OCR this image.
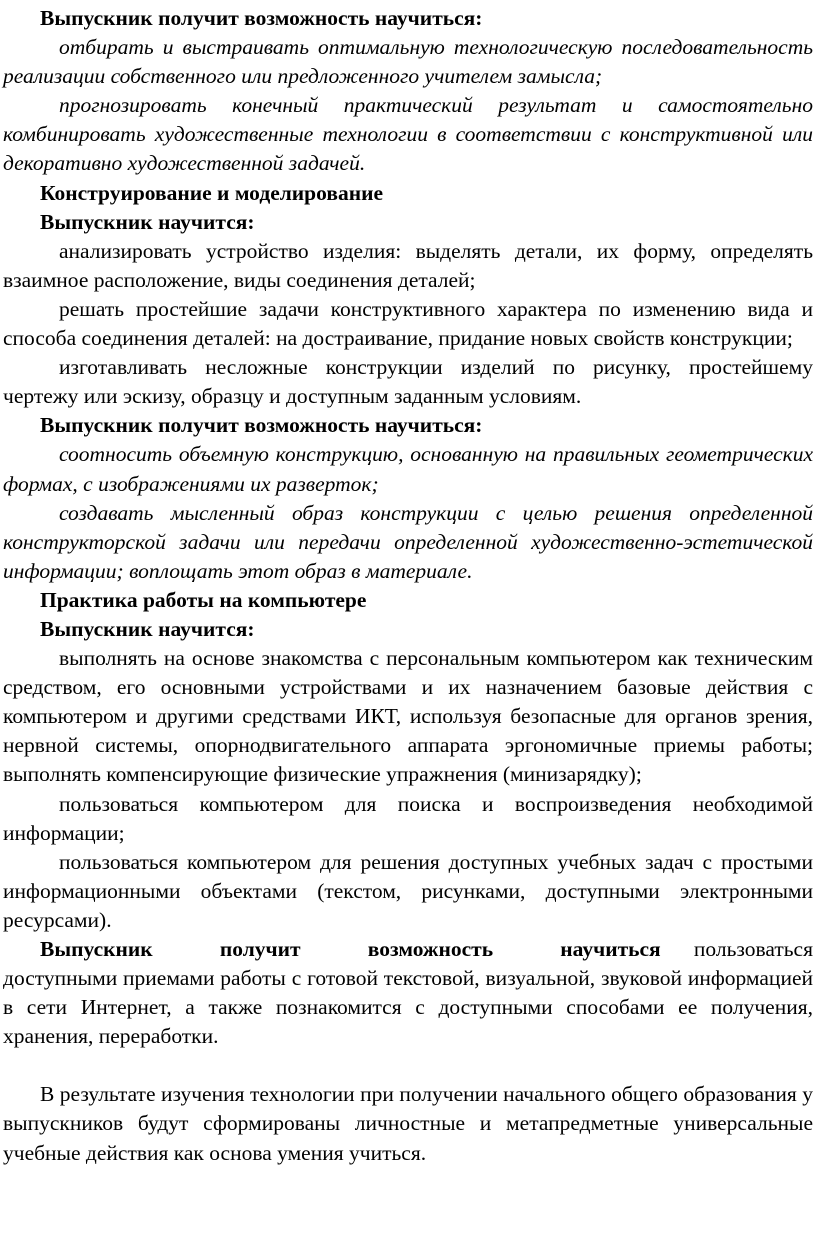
Выпускник получит возможность научиться:

отбирать и выстраивать оптимальную технологическую последовательность реализации собственного или предложенного учителем замысла;

прогнозировать конечный практический результат и самостоятельно комбинировать художественные технологии в соответствии с конструктивной или декоративно художественной задачей.

Конструирование и моделирование

Выпускник научится:

анализировать устройство изделия: выделять детали, их форму, определять взаимное расположение, виды соединения деталей;

решать простейшие задачи конструктивного характера по изменению вида и способа соединения деталей: на достраивание, придание новых свойств конструкции;

изготавливать несложные конструкции изделий по рисунку, простейшему чертежу или эскизу, образцу и доступным заданным условиям.

Выпускник получит возможность научиться:

соотносить объемную конструкцию, основанную на правильных геометрических формах, с изображениями их разверток;

создавать мысленный образ конструкции с целью решения определенной конструкторской задачи или передачи определенной художественно-эстетической информации; воплощать этот образ в материале.

Практика работы на компьютере

Выпускник научится:

выполнять на основе знакомства с персональным компьютером как техническим средством, его основными устройствами и их назначением базовые действия с компьютером и другими средствами ИКТ, используя безопасные для органов зрения, нервной системы, опорнодвигательного аппарата эргономичные приемы работы; выполнять компенсирующие физические упражнения (минизарядку);

пользоваться компьютером для поиска и воспроизведения необходимой информации;

пользоваться компьютером для решения доступных учебных задач с простыми информационными объектами (текстом, рисунками, доступными электронными ресурсами).

Выпускник получит возможность научиться пользоваться доступными приемами работы с готовой текстовой, визуальной, звуковой информацией в сети Интернет, а также познакомится с доступными способами ее получения, хранения, переработки.

В результате изучения технологии при получении начального общего образования у выпускников будут сформированы личностные и метапредметные универсальные учебные действия как основа умения учиться.
